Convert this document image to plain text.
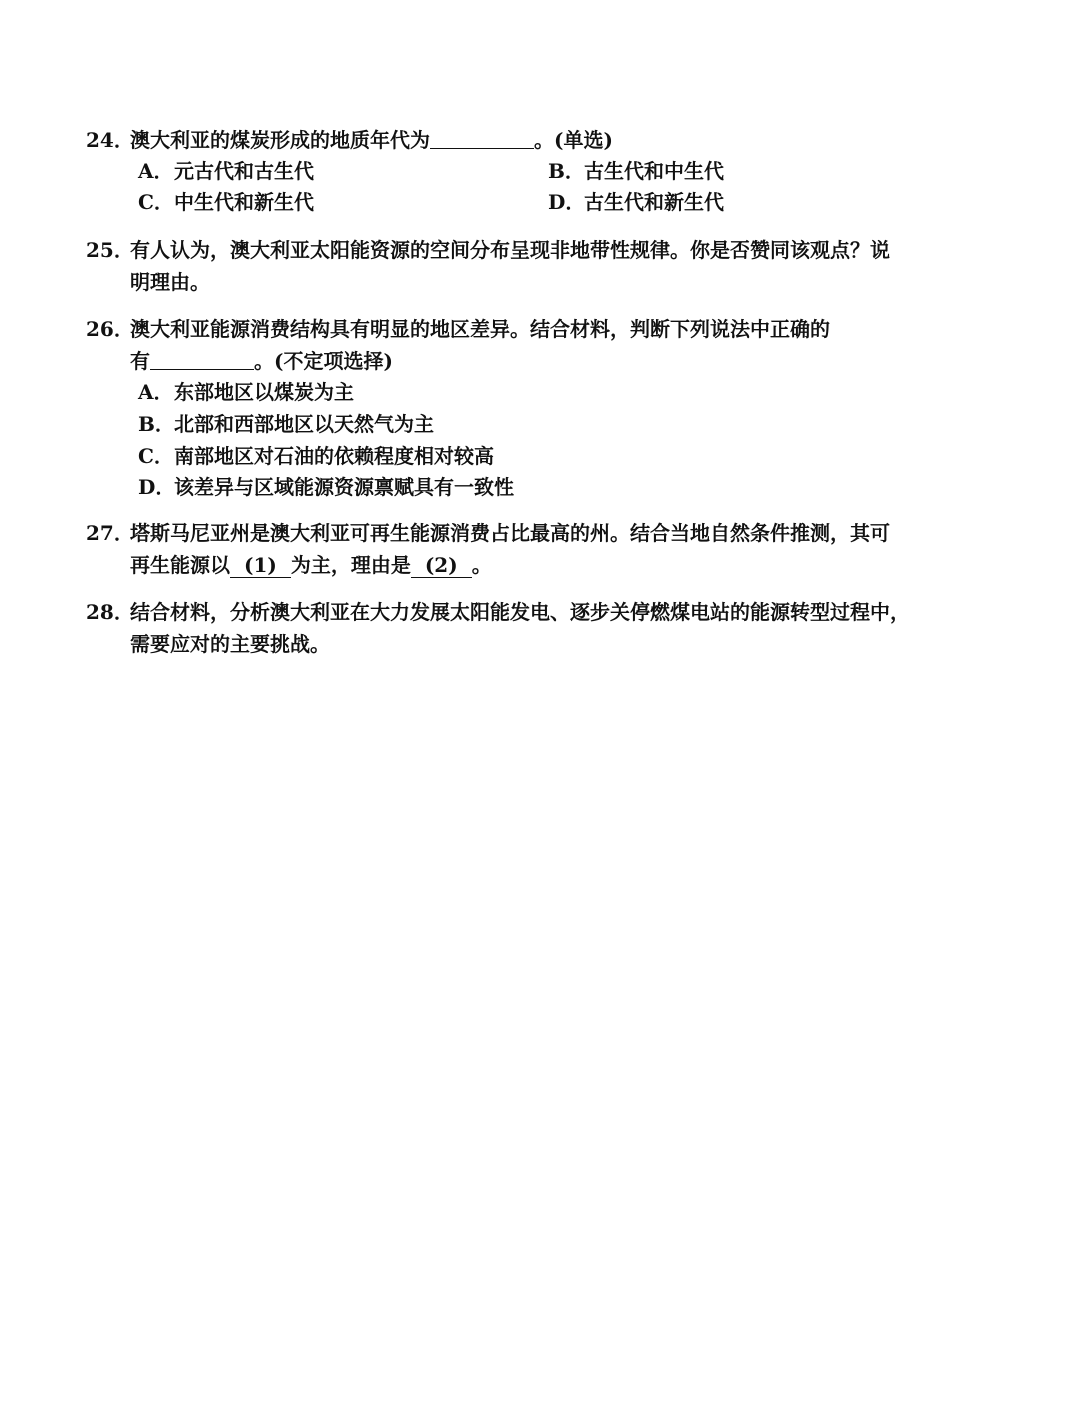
24．澳大利亚的煤炭形成的地质年代为	。(单选)
A．元古代和古生代	B．古生代和中生代
C．中生代和新生代	D．古生代和新生代
25．有人认为，澳大利亚太阳能资源的空间分布呈现非地带性规律。你是否赞同该观点？说
明理由。
26．澳大利亚能源消费结构具有明显的地区差异。结合材料，判断下列说法中正确的
有	。(不定项选择)
A．东部地区以煤炭为主
B．北部和西部地区以天然气为主
C．南部地区对石油的依赖程度相对较高
D．该差异与区域能源资源禀赋具有一致性
27．塔斯马尼亚州是澳大利亚可再生能源消费占比最高的州。结合当地自然条件推测，其可
再生能源以 (1) 为主，理由是 (2) 。
28．结合材料，分析澳大利亚在大力发展太阳能发电、逐步关停燃煤电站的能源转型过程中，
需要应对的主要挑战。
